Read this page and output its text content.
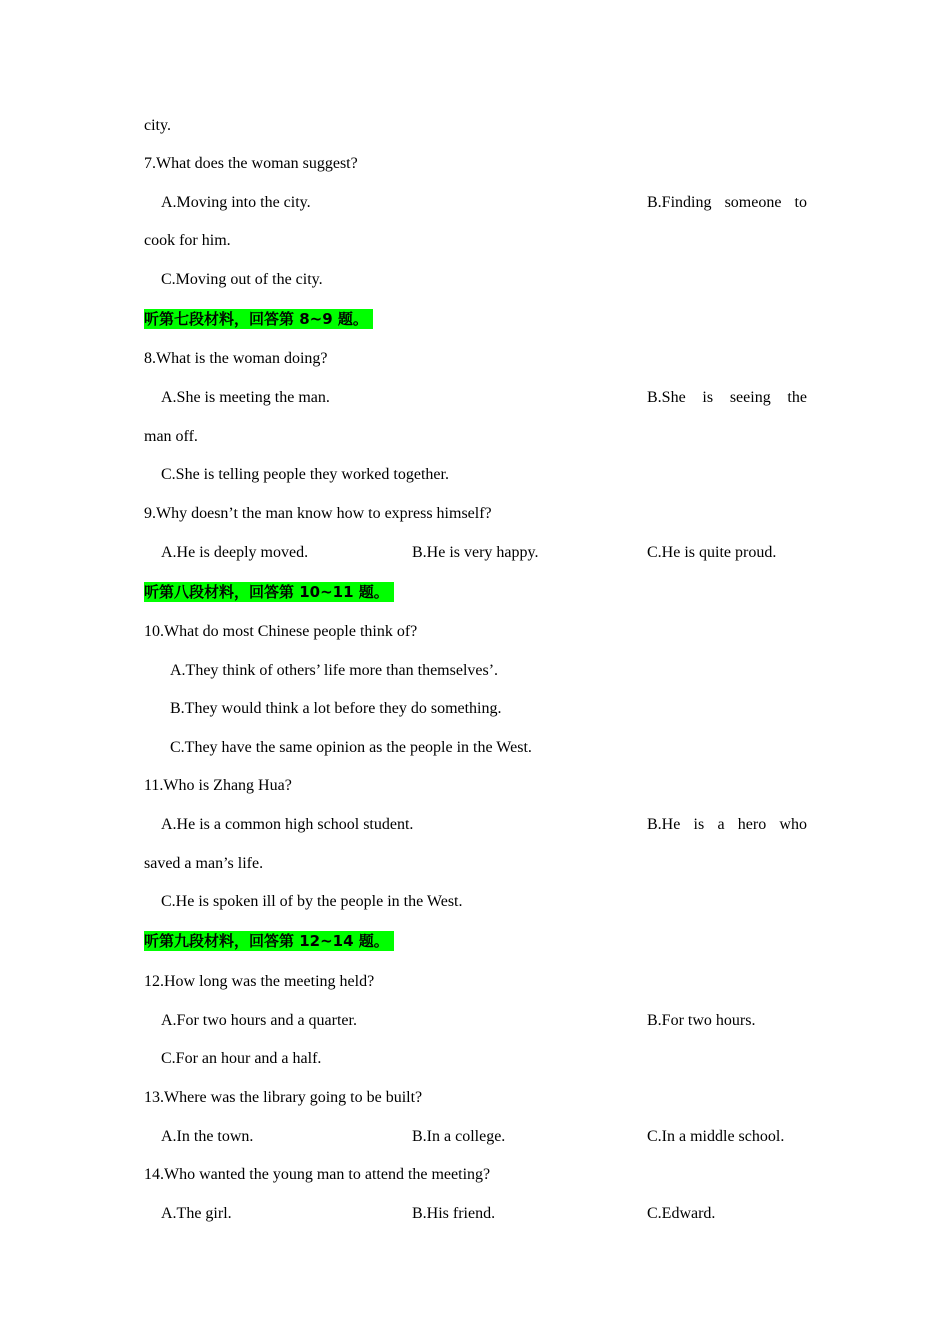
city.
7.What does the woman suggest?
A.Moving into the city.	B.Finding someone to
cook for him.
C.Moving out of the city.
听第七段材料，回答第 8~9 题。
8.What is the woman doing?
A.She is meeting the man.	B.She is seeing the
man off.
C.She is telling people they worked together.
9.Why doesn’t the man know how to express himself?
A.He is deeply moved.	B.He is very happy.	C.He is quite proud.
听第八段材料，回答第 10~11 题。
10.What do most Chinese people think of?
A.They think of others’ life more than themselves’.
B.They would think a lot before they do something.
C.They have the same opinion as the people in the West.
11.Who is Zhang Hua?
A.He is a common high school student.	B.He is a hero who
saved a man’s life.
C.He is spoken ill of by the people in the West.
听第九段材料，回答第 12~14 题。
12.How long was the meeting held?
A.For two hours and a quarter.	B.For two hours.
C.For an hour and a half.
13.Where was the library going to be built?
A.In the town.	B.In a college.	C.In a middle school.
14.Who wanted the young man to attend the meeting?
A.The girl.	B.His friend.	C.Edward.
